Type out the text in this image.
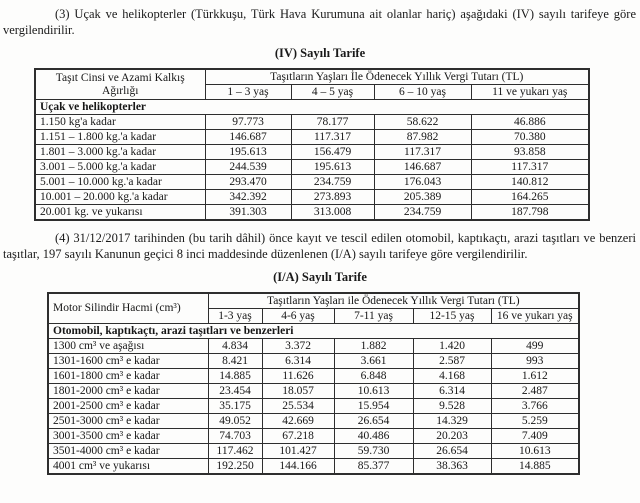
(3) Uçak ve helikopterler (Türkkuşu, Türk Hava Kurumuna ait olanlar hariç) aşağıdaki (IV) sayılı tarifeye göre vergilendirilir.

(IV) Sayılı Tarife
Taşıt Cinsi ve Azami Kalkış Ağırlığı	Taşıtların Yaşları İle Ödenecek Yıllık Vergi Tutarı (TL)			
	1 – 3 yaş	4 – 5 yaş	6 – 10 yaş	11 ve yukarı yaş
Uçak ve helikopterler				
1.150 kg'a kadar	97.773	78.177	58.622	46.886
1.151 – 1.800 kg.'a kadar	146.687	117.317	87.982	70.380
1.801 – 3.000 kg.'a kadar	195.613	156.479	117.317	93.858
3.001 – 5.000 kg.'a kadar	244.539	195.613	146.687	117.317
5.001 – 10.000 kg.'a kadar	293.470	234.759	176.043	140.812
10.001 – 20.000 kg.'a kadar	342.392	273.893	205.389	164.265
20.001 kg. ve yukarısı	391.303	313.008	234.759	187.798

(4) 31/12/2017 tarihinden (bu tarih dâhil) önce kayıt ve tescil edilen otomobil, kaptıkaçtı, arazi taşıtları ve benzeri taşıtlar, 197 sayılı Kanunun geçici 8 inci maddesinde düzenlenen (I/A) sayılı tarifeye göre vergilendirilir.

(I/A) Sayılı Tarife
Motor Silindir Hacmi (cm³)	Taşıtların Yaşları ile Ödenecek Yıllık Vergi Tutarı (TL)				
	1-3 yaş	4-6 yaş	7-11 yaş	12-15 yaş	16 ve yukarı yaş
Otomobil, kaptıkaçtı, arazi taşıtları ve benzerleri					
1300 cm³ ve aşağısı	4.834	3.372	1.882	1.420	499
1301-1600 cm³ e kadar	8.421	6.314	3.661	2.587	993
1601-1800 cm³ e kadar	14.885	11.626	6.848	4.168	1.612
1801-2000 cm³ e kadar	23.454	18.057	10.613	6.314	2.487
2001-2500 cm³ e kadar	35.175	25.534	15.954	9.528	3.766
2501-3000 cm³ e kadar	49.052	42.669	26.654	14.329	5.259
3001-3500 cm³ e kadar	74.703	67.218	40.486	20.203	7.409
3501-4000 cm³ e kadar	117.462	101.427	59.730	26.654	10.613
4001 cm³ ve yukarısı	192.250	144.166	85.377	38.363	14.885
